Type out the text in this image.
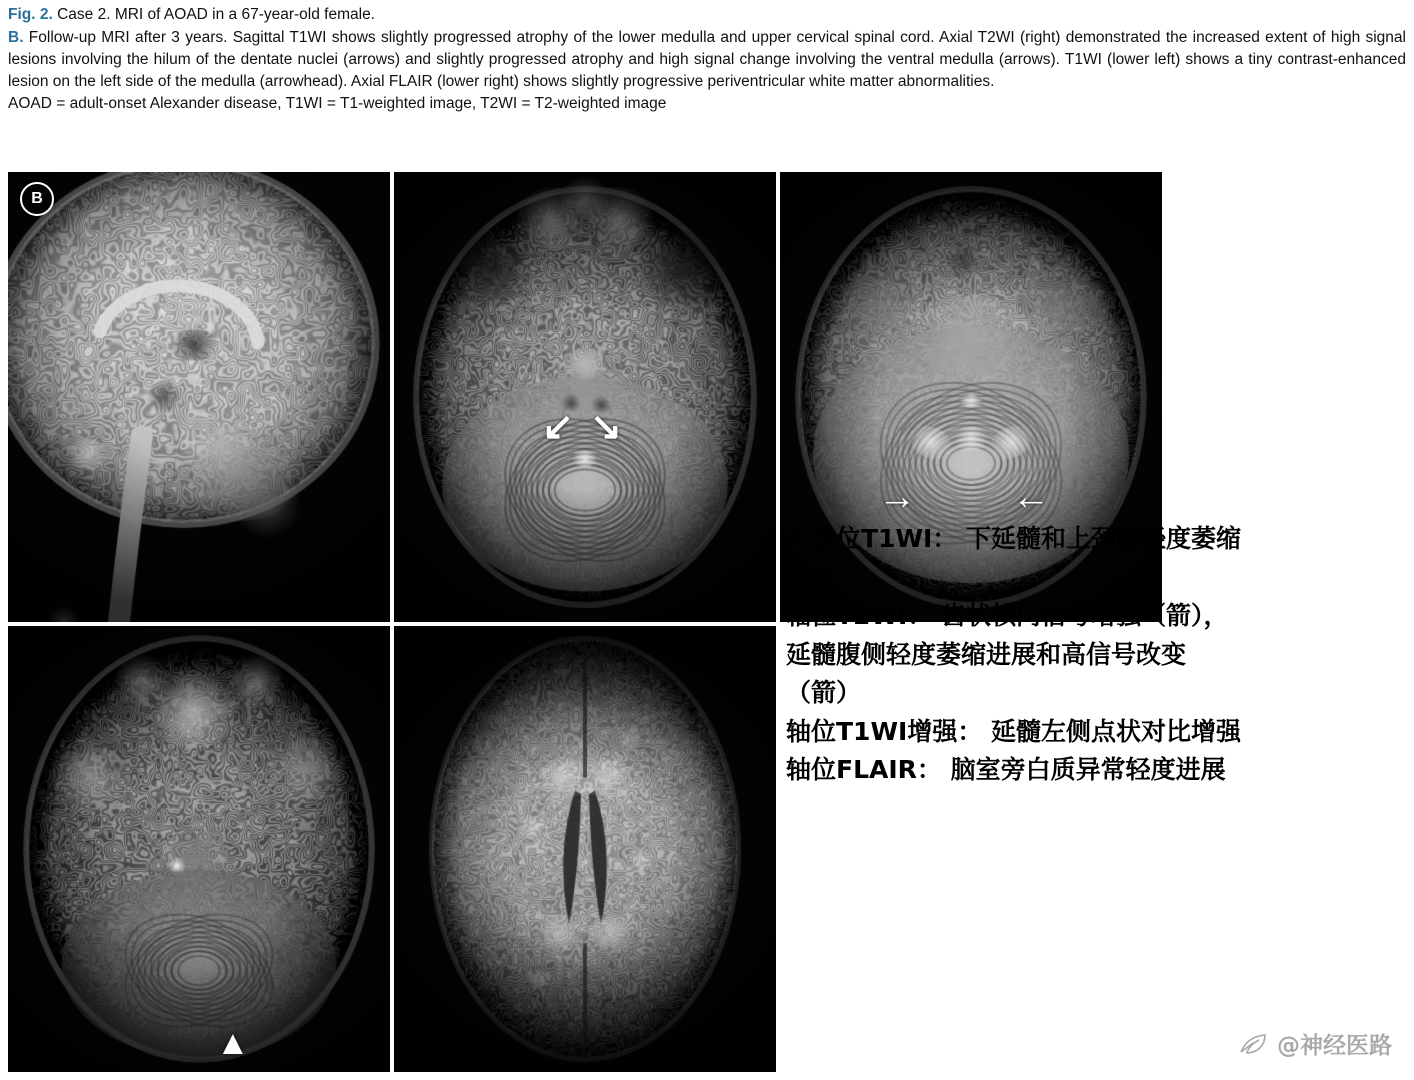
Fig. 2. Case 2. MRI of AOAD in a 67-year-old female.
B. Follow-up MRI after 3 years. Sagittal T1WI shows slightly progressed atrophy of the lower medulla and upper cervical spinal cord. Axial T2WI (right) demonstrated the increased extent of high signal lesions involving the hilum of the dentate nuclei (arrows) and slightly progressed atrophy and high signal change involving the ventral medulla (arrows). T1WI (lower left) shows a tiny contrast-enhanced lesion on the left side of the medulla (arrowhead). Axial FLAIR (lower right) shows slightly progressive periventricular white matter abnormalities.
AOAD = adult-onset Alexander disease, T1WI = T1-weighted image, T2WI = T2-weighted image
B
↙ ↘
→	←
▲

矢状位T1WI： 下延髓和上颈髓轻度萎缩

进展

轴位T2WI： 齿状核门信号增强（箭），

延髓腹侧轻度萎缩进展和高信号改变

（箭）

轴位T1WI增强： 延髓左侧点状对比增强

轴位FLAIR： 脑室旁白质异常轻度进展

@神经医路
